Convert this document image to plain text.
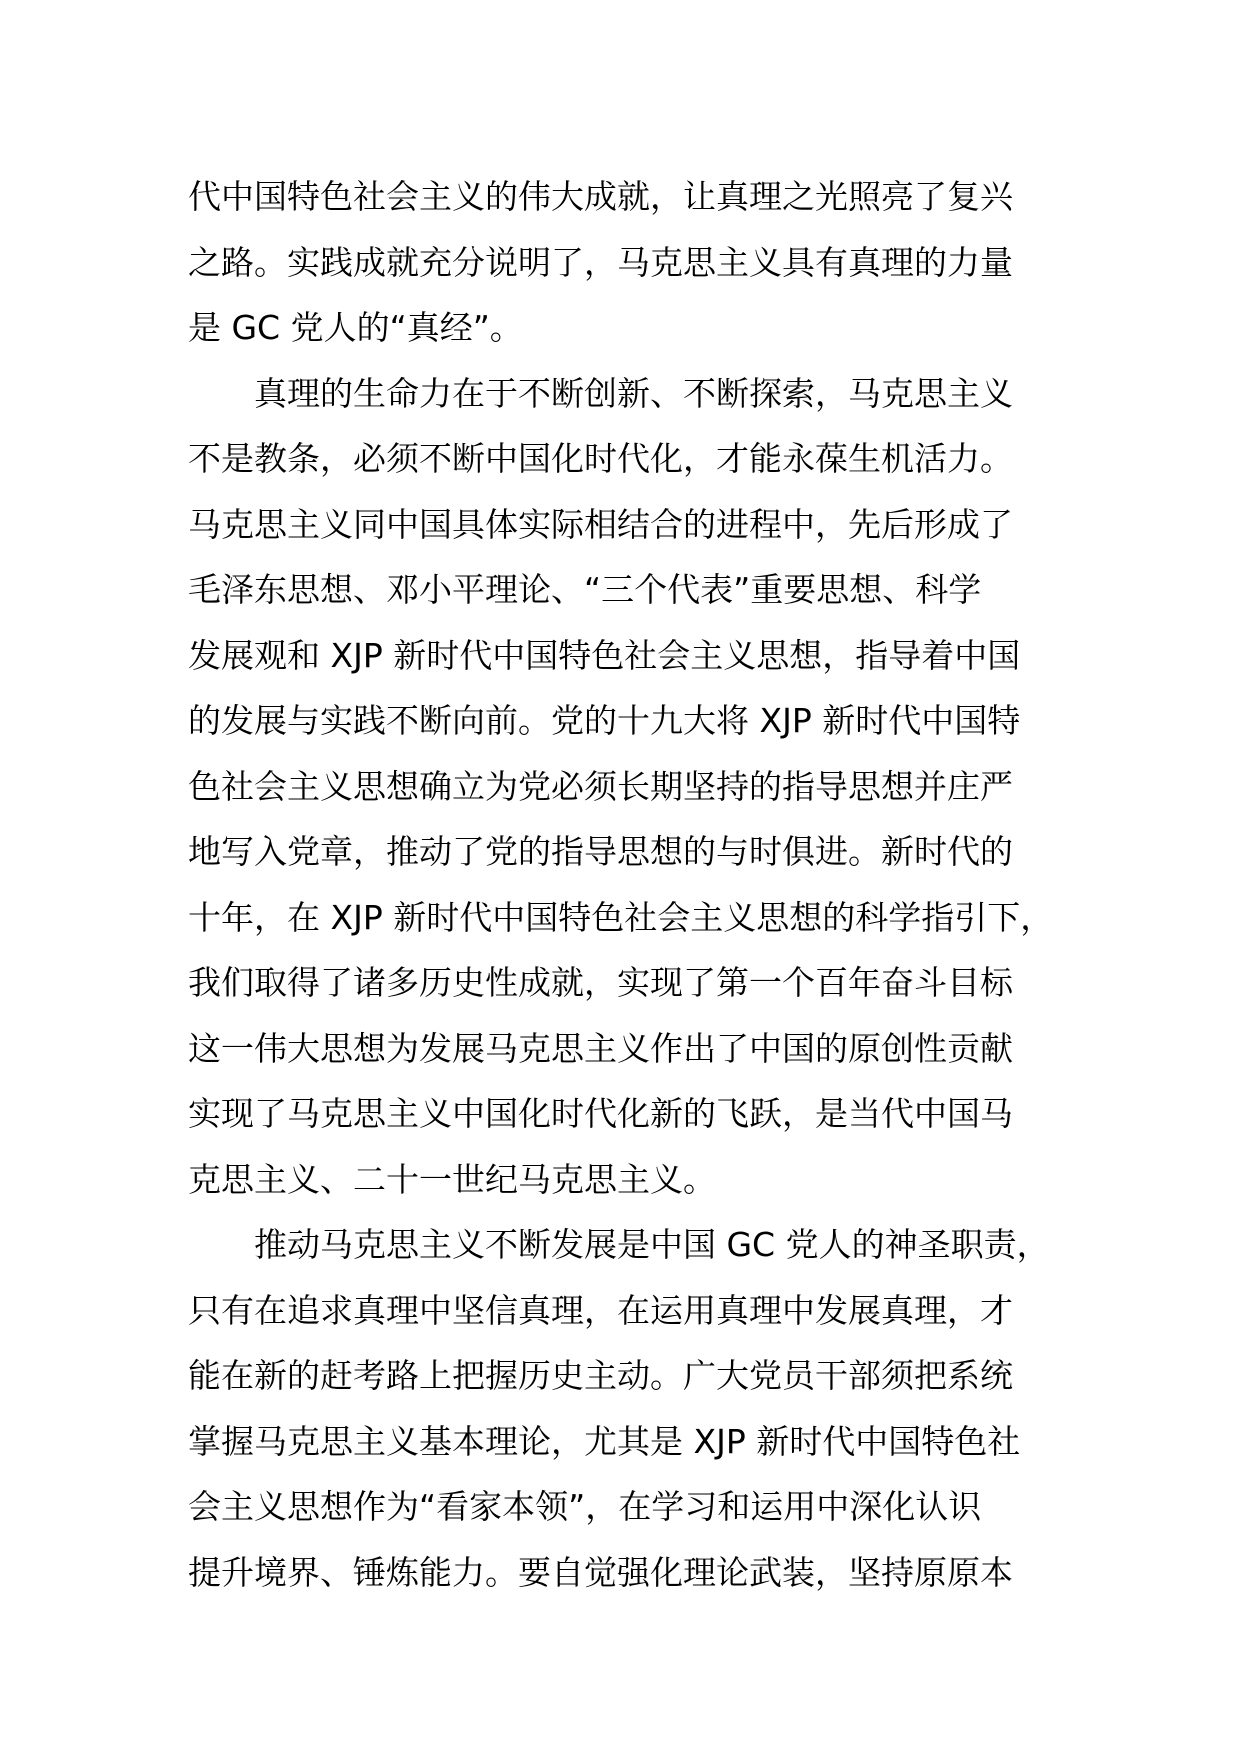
代中国特色社会主义的伟大成就，让真理之光照亮了复兴
之路。实践成就充分说明了，马克思主义具有真理的力量
是 GC 党人的“真经”。
真理的生命力在于不断创新、不断探索，马克思主义
不是教条，必须不断中国化时代化，才能永葆生机活力。
马克思主义同中国具体实际相结合的进程中，先后形成了
毛泽东思想、邓小平理论、“三个代表”重要思想、科学
发展观和 XJP 新时代中国特色社会主义思想，指导着中国
的发展与实践不断向前。党的十九大将 XJP 新时代中国特
色社会主义思想确立为党必须长期坚持的指导思想并庄严
地写入党章，推动了党的指导思想的与时俱进。新时代的
十年，在 XJP 新时代中国特色社会主义思想的科学指引下，
我们取得了诸多历史性成就，实现了第一个百年奋斗目标
这一伟大思想为发展马克思主义作出了中国的原创性贡献
实现了马克思主义中国化时代化新的飞跃，是当代中国马
克思主义、二十一世纪马克思主义。
推动马克思主义不断发展是中国 GC 党人的神圣职责，
只有在追求真理中坚信真理，在运用真理中发展真理，才
能在新的赶考路上把握历史主动。广大党员干部须把系统
掌握马克思主义基本理论，尤其是 XJP 新时代中国特色社
会主义思想作为“看家本领”，在学习和运用中深化认识
提升境界、锤炼能力。要自觉强化理论武装，坚持原原本
